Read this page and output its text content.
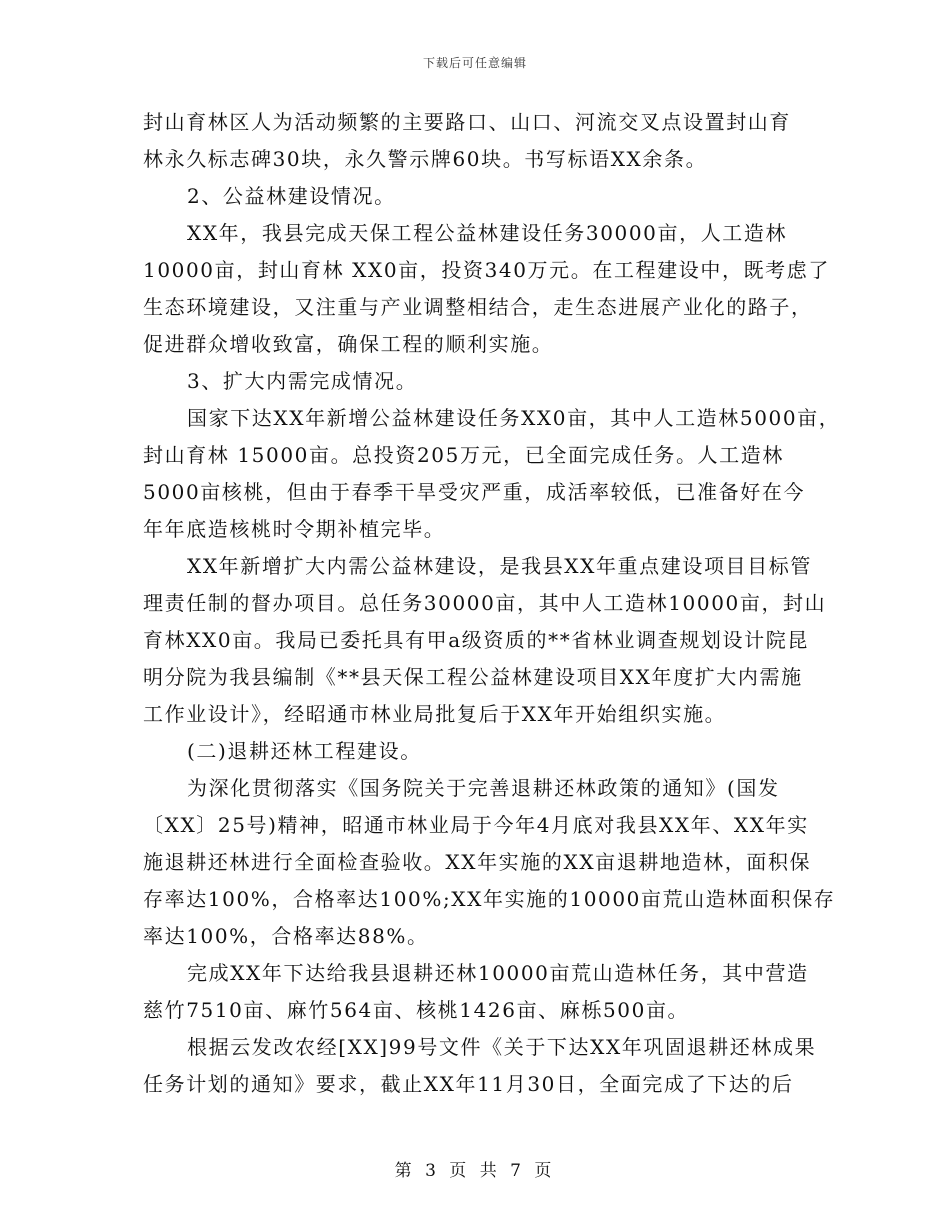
下载后可任意编辑
封山育林区人为活动频繁的主要路口、山口、河流交叉点设置封山育
林永久标志碑30块，永久警示牌60块。书写标语XX余条。
2、公益林建设情况。
XX年，我县完成天保工程公益林建设任务30000亩，人工造林
10000亩，封山育林 XX0亩，投资340万元。在工程建设中，既考虑了
生态环境建设，又注重与产业调整相结合，走生态进展产业化的路子，
促进群众增收致富，确保工程的顺利实施。
3、扩大内需完成情况。
国家下达XX年新增公益林建设任务XX0亩，其中人工造林5000亩，
封山育林 15000亩。总投资205万元，已全面完成任务。人工造林
5000亩核桃，但由于春季干旱受灾严重，成活率较低，已准备好在今
年年底造核桃时令期补植完毕。
XX年新增扩大内需公益林建设，是我县XX年重点建设项目目标管
理责任制的督办项目。总任务30000亩，其中人工造林10000亩，封山
育林XX0亩。我局已委托具有甲a级资质的**省林业调查规划设计院昆
明分院为我县编制《**县天保工程公益林建设项目XX年度扩大内需施
工作业设计》，经昭通市林业局批复后于XX年开始组织实施。
(二)退耕还林工程建设。
为深化贯彻落实《国务院关于完善退耕还林政策的通知》(国发
〔XX〕25号)精神，昭通市林业局于今年4月底对我县XX年、XX年实
施退耕还林进行全面检查验收。XX年实施的XX亩退耕地造林，面积保
存率达100%，合格率达100%;XX年实施的10000亩荒山造林面积保存
率达100%，合格率达88%。
完成XX年下达给我县退耕还林10000亩荒山造林任务，其中营造
慈竹7510亩、麻竹564亩、核桃1426亩、麻栎500亩。
根据云发改农经[XX]99号文件《关于下达XX年巩固退耕还林成果
任务计划的通知》要求，截止XX年11月30日，全面完成了下达的后
第 3 页 共 7 页
